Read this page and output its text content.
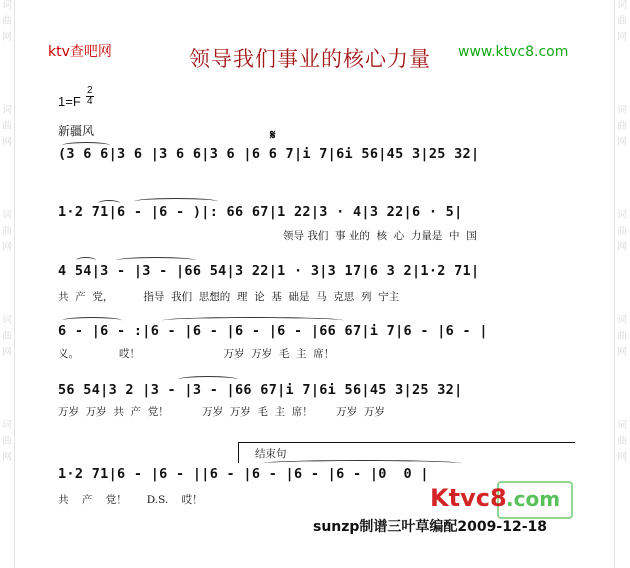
词
曲
网
词
曲
网
词
曲
网
词
曲
网
词
曲
网
词
曲
网
词
曲
网
词
曲
网
词
曲
网
词
曲
网
ktv查吧网	www.ktvc8.com
领导我们事业的核心力量
$1=F \frac{2}{4}$
新疆风	𝄋
(3 6 6|3 6 |3 6 6|3 6 |6 6 7|i 7|6i 56|45 3|25 32|
1·2 71|6 - |6 - )|: 66 67|1 22|3 · 4|3 22|6 · 5|
领导 我们  事 业的  核  心  力量是  中  国
4 54|3 - |3 - |66 54|3 22|1 · 3|3 17|6 3 2|1·2 71|
共  产  党，         指导  我们  思想的  理  论  基  础是  马  克思  列  宁主
6 - |6 - :|6 - |6 - |6 - |6 - |66 67|i 7|6 - |6 - |
义。            哎！                         万岁  万岁  毛  主  席！
56 54|3 2 |3 - |3 - |66 67|i 7|6i 56|45 3|25 32|
万岁  万岁  共  产  党！          万岁  万岁  毛  主  席！       万岁  万岁
结束句
1·2 71|6 - |6 - ||6 - |6 - |6 - |6 - |0  0 |
共    产    党！      D.S.    哎！
sunzp制谱三叶草编配2009-12-18
Ktvc8 .com
